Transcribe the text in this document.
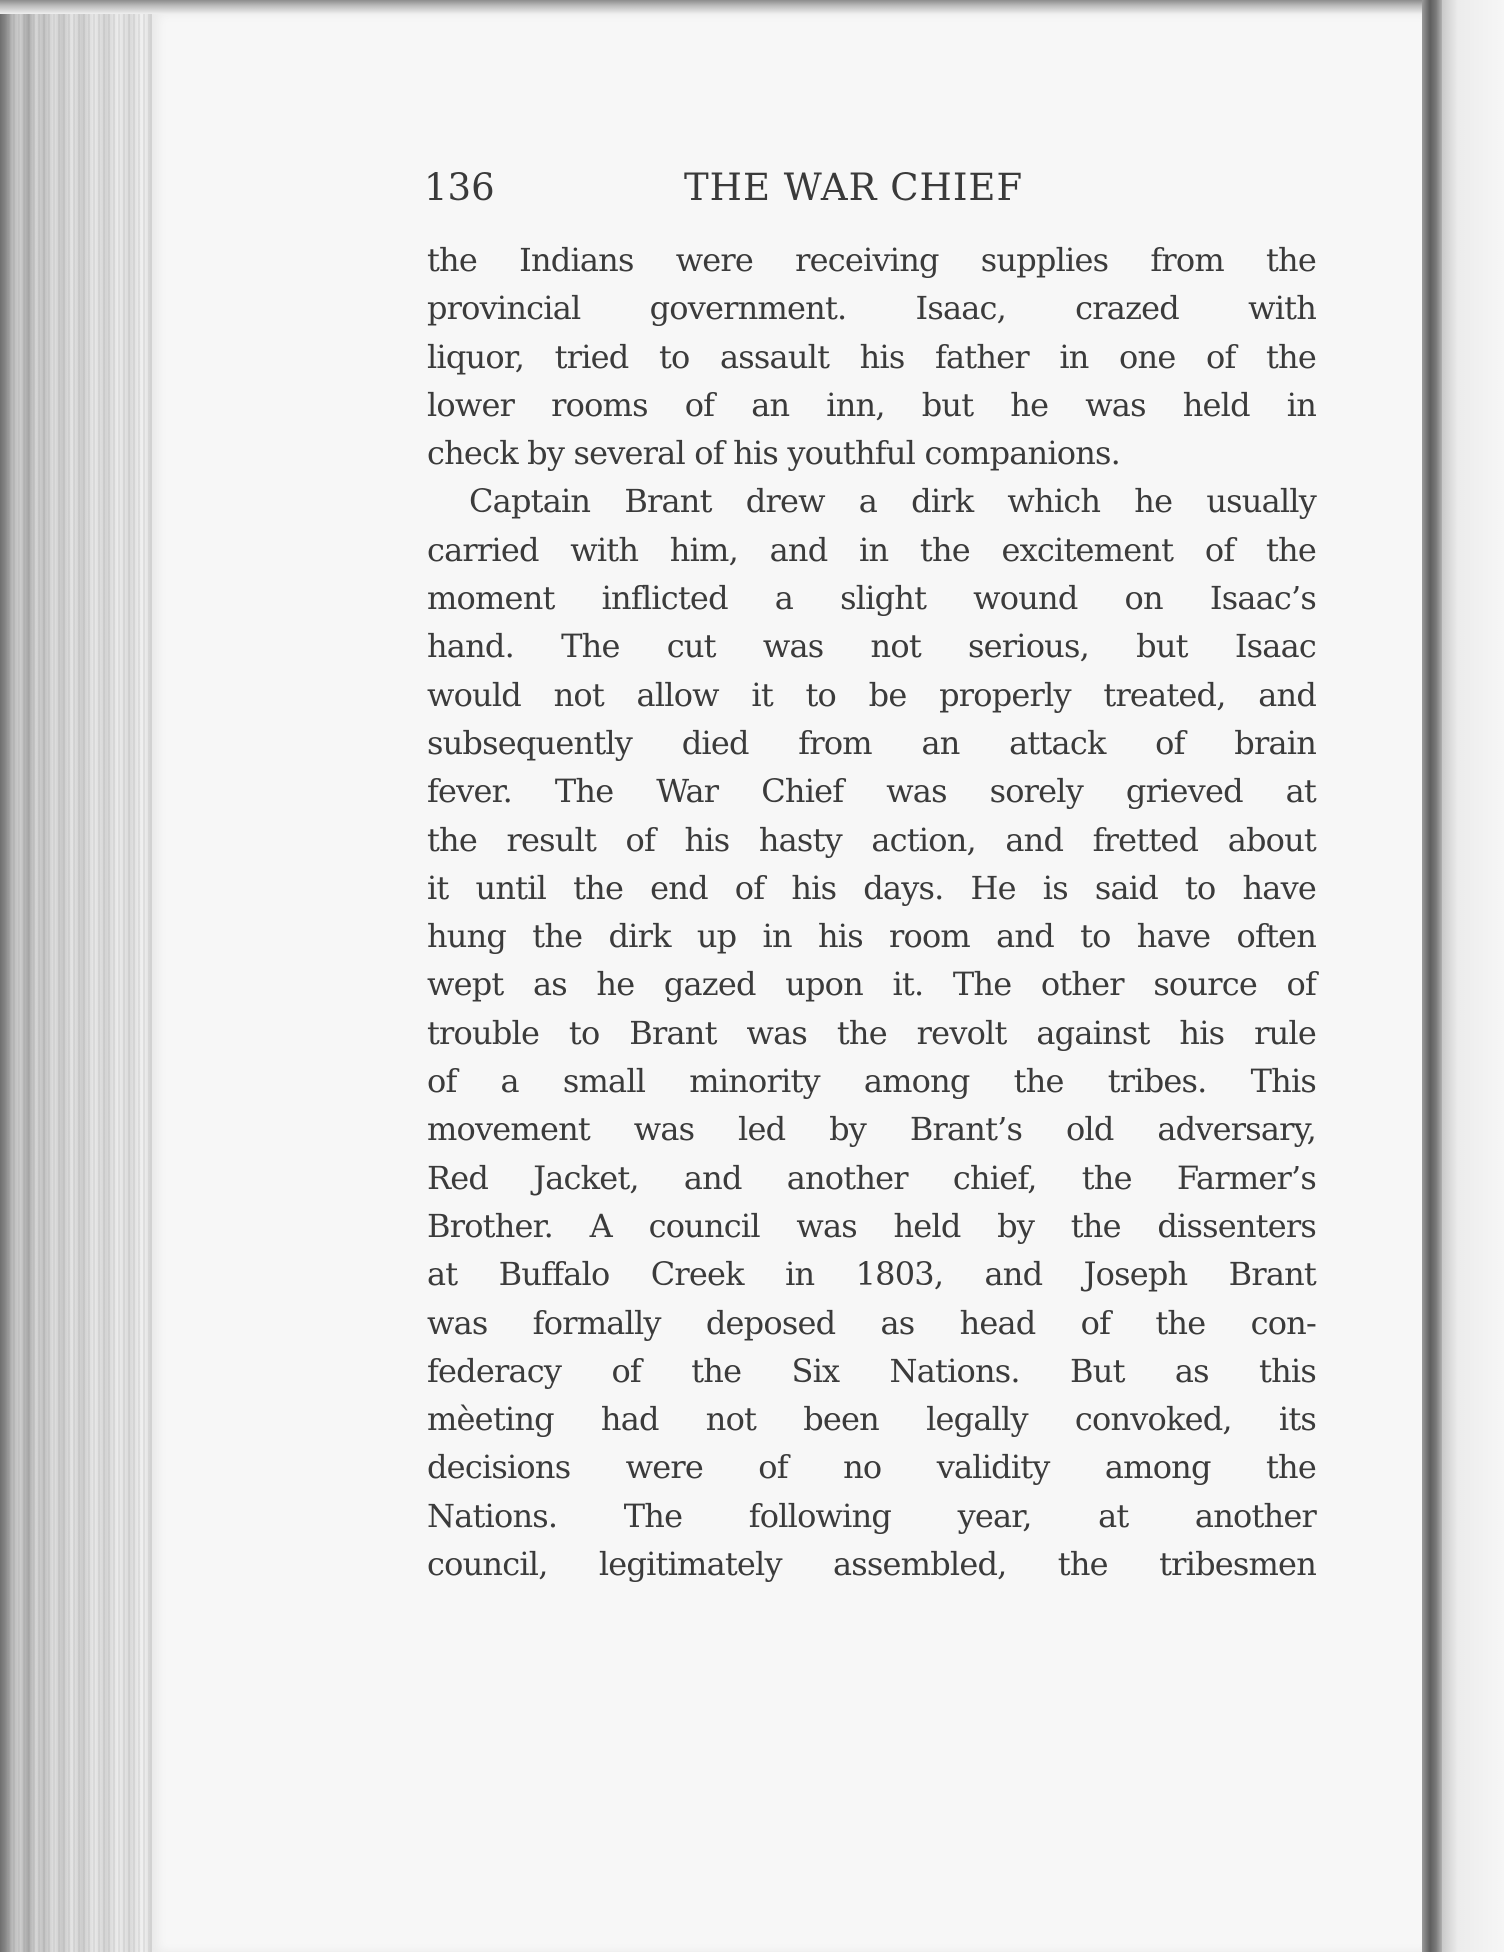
136	THE WAR CHIEF
the Indians were receiving supplies from the
provincial government. Isaac, crazed with
liquor, tried to assault his father in one of the
lower rooms of an inn, but he was held in
check by several of his youthful companions.
Captain Brant drew a dirk which he usually
carried with him, and in the excitement of the
moment inflicted a slight wound on Isaac’s
hand. The cut was not serious, but Isaac
would not allow it to be properly treated, and
subsequently died from an attack of brain
fever. The War Chief was sorely grieved at
the result of his hasty action, and fretted about
it until the end of his days. He is said to have
hung the dirk up in his room and to have often
wept as he gazed upon it. The other source of
trouble to Brant was the revolt against his rule
of a small minority among the tribes. This
movement was led by Brant’s old adversary,
Red Jacket, and another chief, the Farmer’s
Brother. A council was held by the dissenters
at Buffalo Creek in 1803, and Joseph Brant
was formally deposed as head of the con-
federacy of the Six Nations. But as this
mèeting had not been legally convoked, its
decisions were of no validity among the
Nations. The following year, at another
council, legitimately assembled, the tribesmen
